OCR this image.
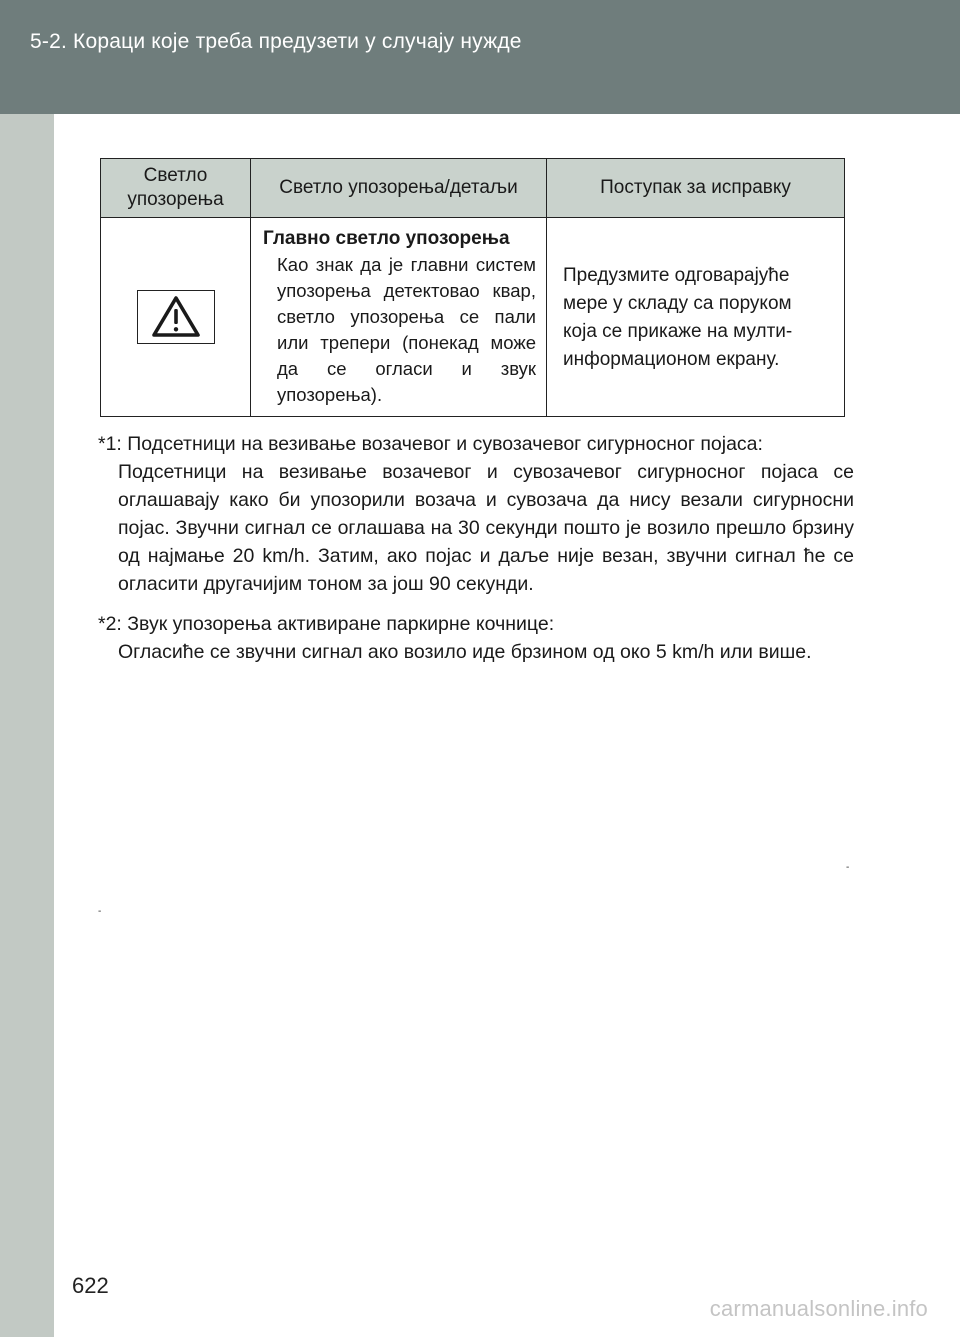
5-2. Кораци које треба предузети у случају нужде
Светло упозорења	Светло упозорења/детаљи	Поступак за исправку

Главно светло упозорења
Као знак да је главни систем упозорења детектовао квар, светло упозорења се пали или трепери (понекад може да се огласи и звук упозорења).	Предузмите одговарајуће мере у складу са поруком која се прикаже на мулти-информационом екрану.
*1: Подсетници на везивање возачевог и сувозачевог сигурносног појаса:
Подсетници на везивање возачевог и сувозачевог сигурносног појаса се оглашавају како би упозорили возача и сувозача да нису везали сигурносни појас. Звучни сигнал се оглашава на 30 секунди пошто је возило прешло брзину од најмање 20 km/h. Затим, ако појас и даље није везан, звучни сигнал ће се огласити другачијим тоном за још 90 секунди.
*2: Звук упозорења активиране паркирне кочнице:
Огласиће се звучни сигнал ако возило иде брзином од око 5 km/h или више.
-
-
622
carmanualsonline.info
